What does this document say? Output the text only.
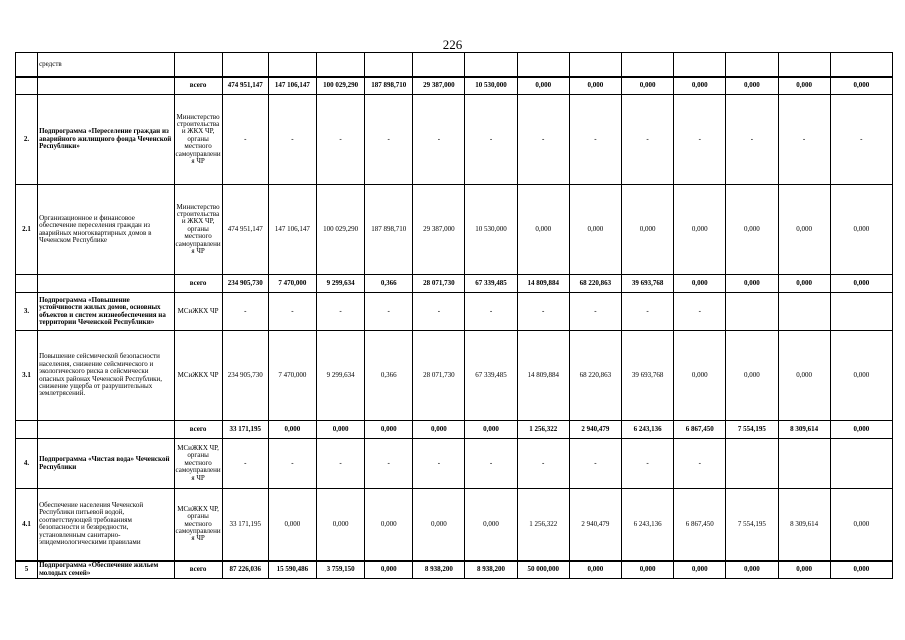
226
	средств														
		всего	474 951,147	147 106,147	100 029,290	187 898,710	29 387,000	10 530,000	0,000	0,000	0,000	0,000	0,000	0,000	0,000
2.	Подпрограмма «Переселение граждан из аварийного жилищного фонда Чеченской Республики»	Министерство строительства и ЖКХ ЧР, органы местного самоуправления ЧР	-	-	-	-	-	-	-	-	-	-	-	-	-
2.1	Организационное и финансовое обеспечение переселения граждан из аварийных многоквартирных домов в Чеченском Республике	Министерство строительства и ЖКХ ЧР, органы местного самоуправления ЧР	474 951,147	147 106,147	100 029,290	187 898,710	29 387,000	10 530,000	0,000	0,000	0,000	0,000	0,000	0,000	0,000
		всего	234 905,730	7 470,000	9 299,634	0,366	28 071,730	67 339,485	14 809,884	68 220,863	39 693,768	0,000	0,000	0,000	0,000
3.	Подпрограмма «Повышение устойчивости жилых домов, основных объектов и систем жизнеобеспечения на территории Чеченской Республики»	МСиЖКХ ЧР	-	-	-	-	-	-	-	-	-	-			
3.1	Повышение сейсмической безопасности населения, снижение сейсмического и экологического риска в сейсмически опасных районах Чеченской Республики, снижение ущерба от разрушительных землетрясений.	МСиЖКХ ЧР	234 905,730	7 470,000	9 299,634	0,366	28 071,730	67 339,485	14 809,884	68 220,863	39 693,768	0,000	0,000	0,000	0,000
		всего	33 171,195	0,000	0,000	0,000	0,000	0,000	1 256,322	2 940,479	6 243,136	6 867,450	7 554,195	8 309,614	0,000
4.	Подпрограмма «Чистая вода» Чеченской Республики	МСиЖКХ ЧР, органы местного самоуправления ЧР	-	-	-	-	-	-	-	-	-	-			
4.1	Обеспечение населения Чеченской Республики питьевой водой, соответствующей требованиям безопасности и безвредности, установленным санитарно-эпидемиологическими правилами	МСиЖКХ ЧР, органы местного самоуправления ЧР	33 171,195	0,000	0,000	0,000	0,000	0,000	1 256,322	2 940,479	6 243,136	6 867,450	7 554,195	8 309,614	0,000
5	Подпрограмма «Обеспечение жильем молодых семей»	всего	87 226,036	15 590,486	3 759,150	0,000	8 938,200	8 938,200	50 000,000	0,000	0,000	0,000	0,000	0,000	0,000
